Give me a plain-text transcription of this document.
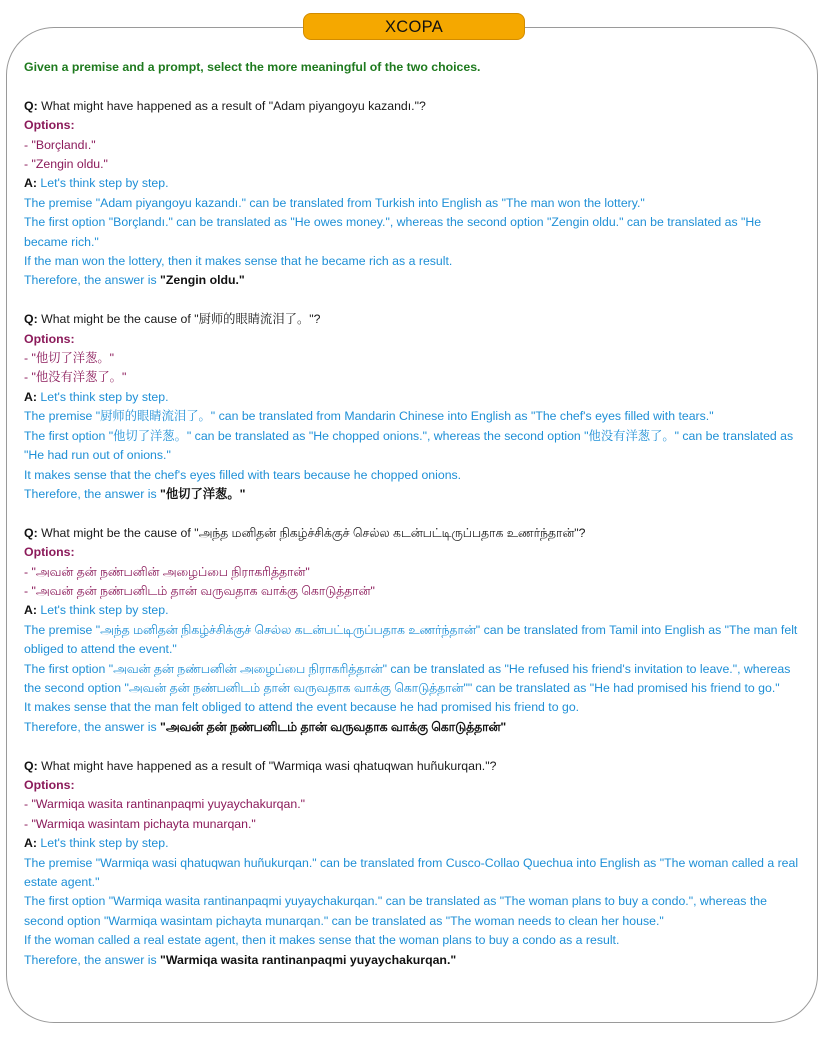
XCOPA
Given a premise and a prompt, select the more meaningful of the two choices.
Q: What might have happened as a result of "Adam piyangoyu kazandı."?
Options:
- "Borçlandı."
- "Zengin oldu."
A: Let's think step by step.
The premise "Adam piyangoyu kazandı." can be translated from Turkish into English as "The man won the lottery."
The first option "Borçlandı." can be translated as "He owes money.", whereas the second option "Zengin oldu." can be translated as "He became rich."
If the man won the lottery, then it makes sense that he became rich as a result.
Therefore, the answer is "Zengin oldu."
Q: What might be the cause of "厨师的眼睛流泪了。"?
Options:
- "他切了洋葱。"
- "他没有洋葱了。"
A: Let's think step by step.
The premise "厨师的眼睛流泪了。" can be translated from Mandarin Chinese into English as "The chef's eyes filled with tears."
The first option "他切了洋葱。" can be translated as "He chopped onions.", whereas the second option "他没有洋葱了。" can be translated as "He had run out of onions."
It makes sense that the chef's eyes filled with tears because he chopped onions.
Therefore, the answer is "他切了洋葱。"
Q: What might be the cause of "அந்த மனிதன் நிகழ்ச்சிக்குச் செல்ல கடன்பட்டிருப்பதாக உணர்ந்தான்"?
Options:
- "அவன் தன் நண்பனின் அழைப்பை நிராகரித்தான்"
- "அவன் தன் நண்பனிடம் தான் வருவதாக வாக்கு கொடுத்தான்"
A: Let's think step by step.
The premise "அந்த மனிதன் நிகழ்ச்சிக்குச் செல்ல கடன்பட்டிருப்பதாக உணர்ந்தான்" can be translated from Tamil into English as "The man felt obliged to attend the event."
The first option "அவன் தன் நண்பனின் அழைப்பை நிராகரித்தான்" can be translated as "He refused his friend's invitation to leave.", whereas the second option "அவன் தன் நண்பனிடம் தான் வருவதாக வாக்கு கொடுத்தான்"" can be translated as "He had promised his friend to go."
It makes sense that the man felt obliged to attend the event because he had promised his friend to go.
Therefore, the answer is "அவன் தன் நண்பனிடம் தான் வருவதாக வாக்கு கொடுத்தான்"
Q: What might have happened as a result of "Warmiqa wasi qhatuqwan huñukurqan."?
Options:
- "Warmiqa wasita rantinanpaqmi yuyaychakurqan."
- "Warmiqa wasintam pichayta munarqan."
A: Let's think step by step.
The premise "Warmiqa wasi qhatuqwan huñukurqan." can be translated from Cusco-Collao Quechua into English as "The woman called a real estate agent."
The first option "Warmiqa wasita rantinanpaqmi yuyaychakurqan." can be translated as "The woman plans to buy a condo.", whereas the second option "Warmiqa wasintam pichayta munarqan." can be translated as "The woman needs to clean her house."
If the woman called a real estate agent, then it makes sense that the woman plans to buy a condo as a result.
Therefore, the answer is "Warmiqa wasita rantinanpaqmi yuyaychakurqan."
